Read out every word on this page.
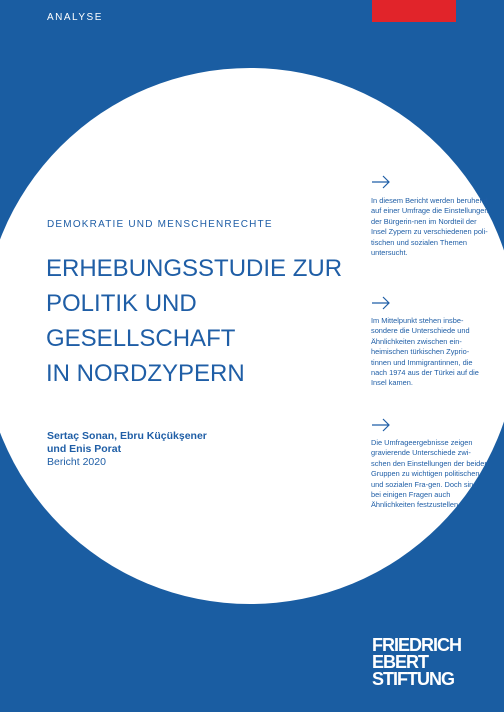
ANALYSE
DEMOKRATIE UND MENSCHENRECHTE
ERHEBUNGSSTUDIE ZUR
POLITIK UND GESELLSCHAFT
IN NORDZYPERN
Sertaç Sonan, Ebru Küçükşener
und Enis Porat
Bericht 2020
In diesem Bericht werden beruhend auf einer Umfrage die Einstellungen der Bürgerin-nen im Nordteil der Insel Zypern zu verschiedenen poli-tischen und sozialen Themen untersucht.
Im Mittelpunkt stehen insbe-sondere die Unterschiede und Ähnlichkeiten zwischen ein-heimischen türkischen Zyprio-tinnen und Immigrantinnen, die nach 1974 aus der Türkei auf die Insel kamen.
Die Umfrageergebnisse zeigen gravierende Unterschiede zwi-schen den Einstellungen der beiden Gruppen zu wichtigen politischen und sozialen Fra-gen. Doch sind bei einigen Fragen auch Ähnlichkeiten festzustellen.
FRIEDRICH
EBERT
STIFTUNG
